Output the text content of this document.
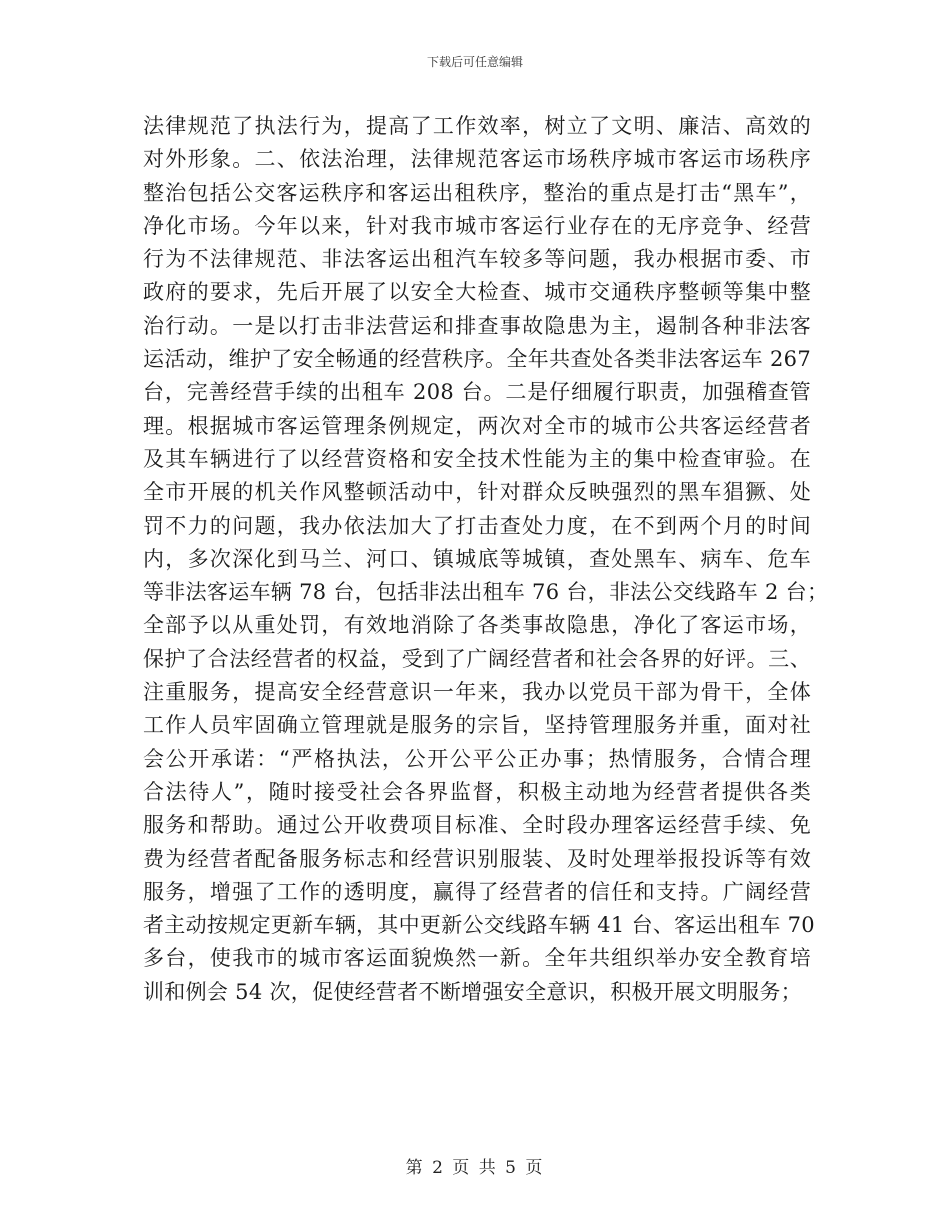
下载后可任意编辑
法律规范了执法行为，提高了工作效率，树立了文明、廉洁、高效的
对外形象。二、依法治理，法律规范客运市场秩序城市客运市场秩序
整治包括公交客运秩序和客运出租秩序，整治的重点是打击“黑车”，
净化市场。今年以来，针对我市城市客运行业存在的无序竞争、经营
行为不法律规范、非法客运出租汽车较多等问题，我办根据市委、市
政府的要求，先后开展了以安全大检查、城市交通秩序整顿等集中整
治行动。一是以打击非法营运和排查事故隐患为主，遏制各种非法客
运活动，维护了安全畅通的经营秩序。全年共查处各类非法客运车 267
台，完善经营手续的出租车 208 台。二是仔细履行职责，加强稽查管
理。根据城市客运管理条例规定，两次对全市的城市公共客运经营者
及其车辆进行了以经营资格和安全技术性能为主的集中检查审验。在
全市开展的机关作风整顿活动中，针对群众反映强烈的黑车猖獗、处
罚不力的问题，我办依法加大了打击查处力度，在不到两个月的时间
内，多次深化到马兰、河口、镇城底等城镇，查处黑车、病车、危车
等非法客运车辆 78 台，包括非法出租车 76 台，非法公交线路车 2 台；
全部予以从重处罚，有效地消除了各类事故隐患，净化了客运市场，
保护了合法经营者的权益，受到了广阔经营者和社会各界的好评。三、
注重服务，提高安全经营意识一年来，我办以党员干部为骨干，全体
工作人员牢固确立管理就是服务的宗旨，坚持管理服务并重，面对社
会公开承诺：“严格执法，公开公平公正办事；热情服务，合情合理
合法待人”，随时接受社会各界监督，积极主动地为经营者提供各类
服务和帮助。通过公开收费项目标准、全时段办理客运经营手续、免
费为经营者配备服务标志和经营识别服装、及时处理举报投诉等有效
服务，增强了工作的透明度，赢得了经营者的信任和支持。广阔经营
者主动按规定更新车辆，其中更新公交线路车辆 41 台、客运出租车 70
多台，使我市的城市客运面貌焕然一新。全年共组织举办安全教育培
训和例会 54 次，促使经营者不断增强安全意识，积极开展文明服务；
第 2 页 共 5 页
